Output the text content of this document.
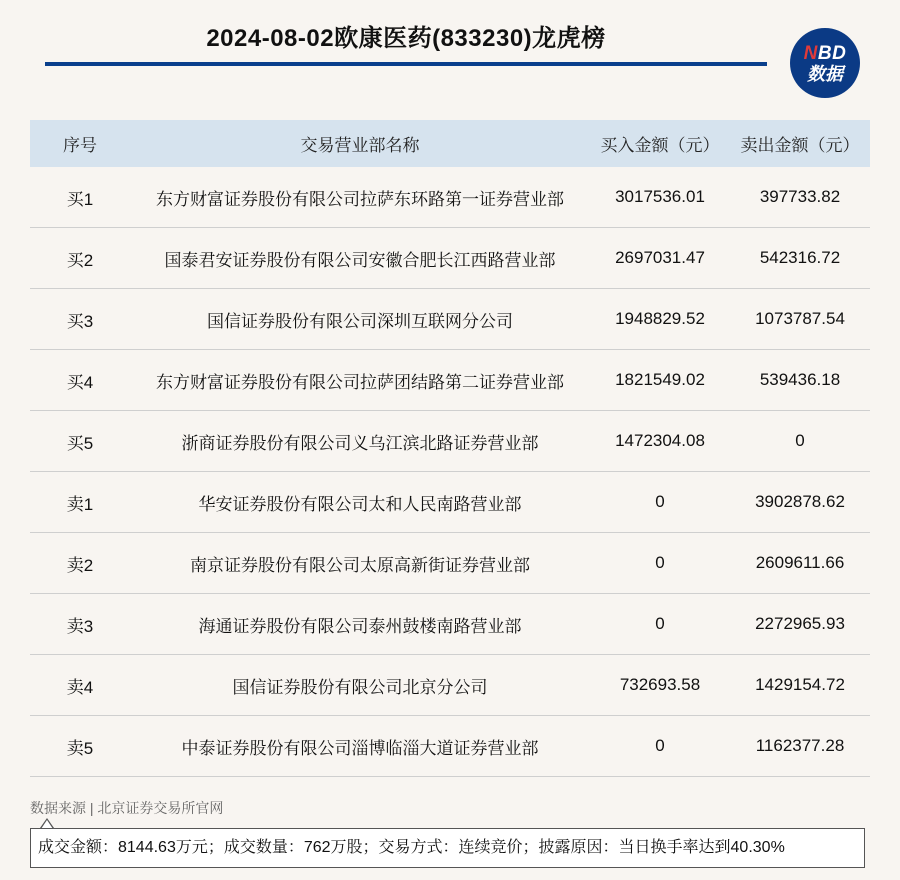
2024-08-02欧康医药(833230)龙虎榜
NBD
数据
序号	交易营业部名称	买入金额（元）	卖出金额（元）
买1	东方财富证券股份有限公司拉萨东环路第一证券营业部	3017536.01	397733.82
买2	国泰君安证券股份有限公司安徽合肥长江西路营业部	2697031.47	542316.72
买3	国信证券股份有限公司深圳互联网分公司	1948829.52	1073787.54
买4	东方财富证券股份有限公司拉萨团结路第二证券营业部	1821549.02	539436.18
买5	浙商证券股份有限公司义乌江滨北路证券营业部	1472304.08	0
卖1	华安证券股份有限公司太和人民南路营业部	0	3902878.62
卖2	南京证券股份有限公司太原高新街证券营业部	0	2609611.66
卖3	海通证券股份有限公司泰州鼓楼南路营业部	0	2272965.93
卖4	国信证券股份有限公司北京分公司	732693.58	1429154.72
卖5	中泰证券股份有限公司淄博临淄大道证券营业部	0	1162377.28
数据来源 | 北京证券交易所官网
成交金额：8144.63万元；成交数量：762万股；交易方式：连续竞价；披露原因：当日换手率达到40.30%
